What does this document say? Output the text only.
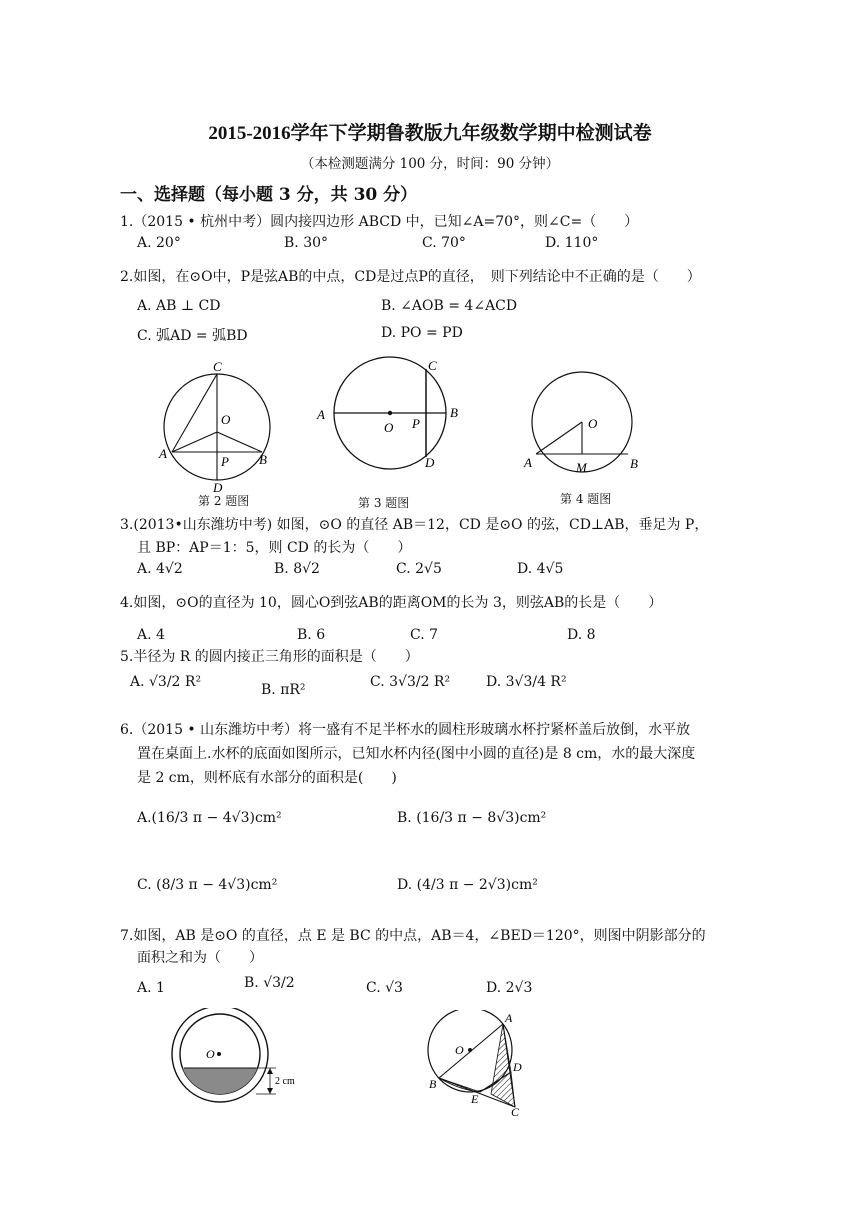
2015-2016学年下学期鲁教版九年级数学期中检测试卷
（本检测题满分 100 分，时间：90 分钟）
一、选择题（每小题 3 分，共 30 分）
1.（2015 • 杭州中考）圆内接四边形 ABCD 中，已知∠A=70°，则∠C=（　　）
A. 20°	B. 30°	C. 70°	D. 110°
2.如图，在⊙O中，P是弦AB的中点，CD是过点P的直径，　则下列结论中不正确的是（　　）
A. AB ⊥ CD	B. ∠AOB = 4∠ACD
C. 弧AD = 弧BD	D. PO = PD
C
O
A
P B
D
第 2 题图
A
O P
C
B
D
第 3 题图
O
A	M	B
第 4 题图
3.(2013•山东潍坊中考) 如图，⊙O 的直径 AB＝12，CD 是⊙O 的弦，CD⊥AB，垂足为 P，
且 BP：AP＝1：5，则 CD 的长为（　　）
A. 4√2	B. 8√2	C. 2√5	D. 4√5
4.如图，⊙O的直径为 10，圆心O到弦AB的距离OM的长为 3，则弦AB的长是（　　）
A. 4	B. 6	C. 7	D. 8
5.半径为 R 的圆内接正三角形的面积是（　　）
A. √3/2 R²	B. πR²	C. 3√3/2 R²	D. 3√3/4 R²
6.（2015 • 山东潍坊中考）将一盛有不足半杯水的圆柱形玻璃水杯拧紧杯盖后放倒，水平放
置在桌面上.水杯的底面如图所示，已知水杯内径(图中小圆的直径)是 8 cm，水的最大深度
是 2 cm，则杯底有水部分的面积是(　　)
A.(16/3 π − 4√3)cm²	B. (16/3 π − 8√3)cm²
C. (8/3 π − 4√3)cm²	D. (4/3 π − 2√3)cm²
7.如图，AB 是⊙O 的直径，点 E 是 BC 的中点，AB＝4，∠BED＝120°，则图中阴影部分的
面积之和为（　　）
A. 1	B. √3/2	C. √3	D. 2√3
O
2 cm
A
O
D
B
E
C
